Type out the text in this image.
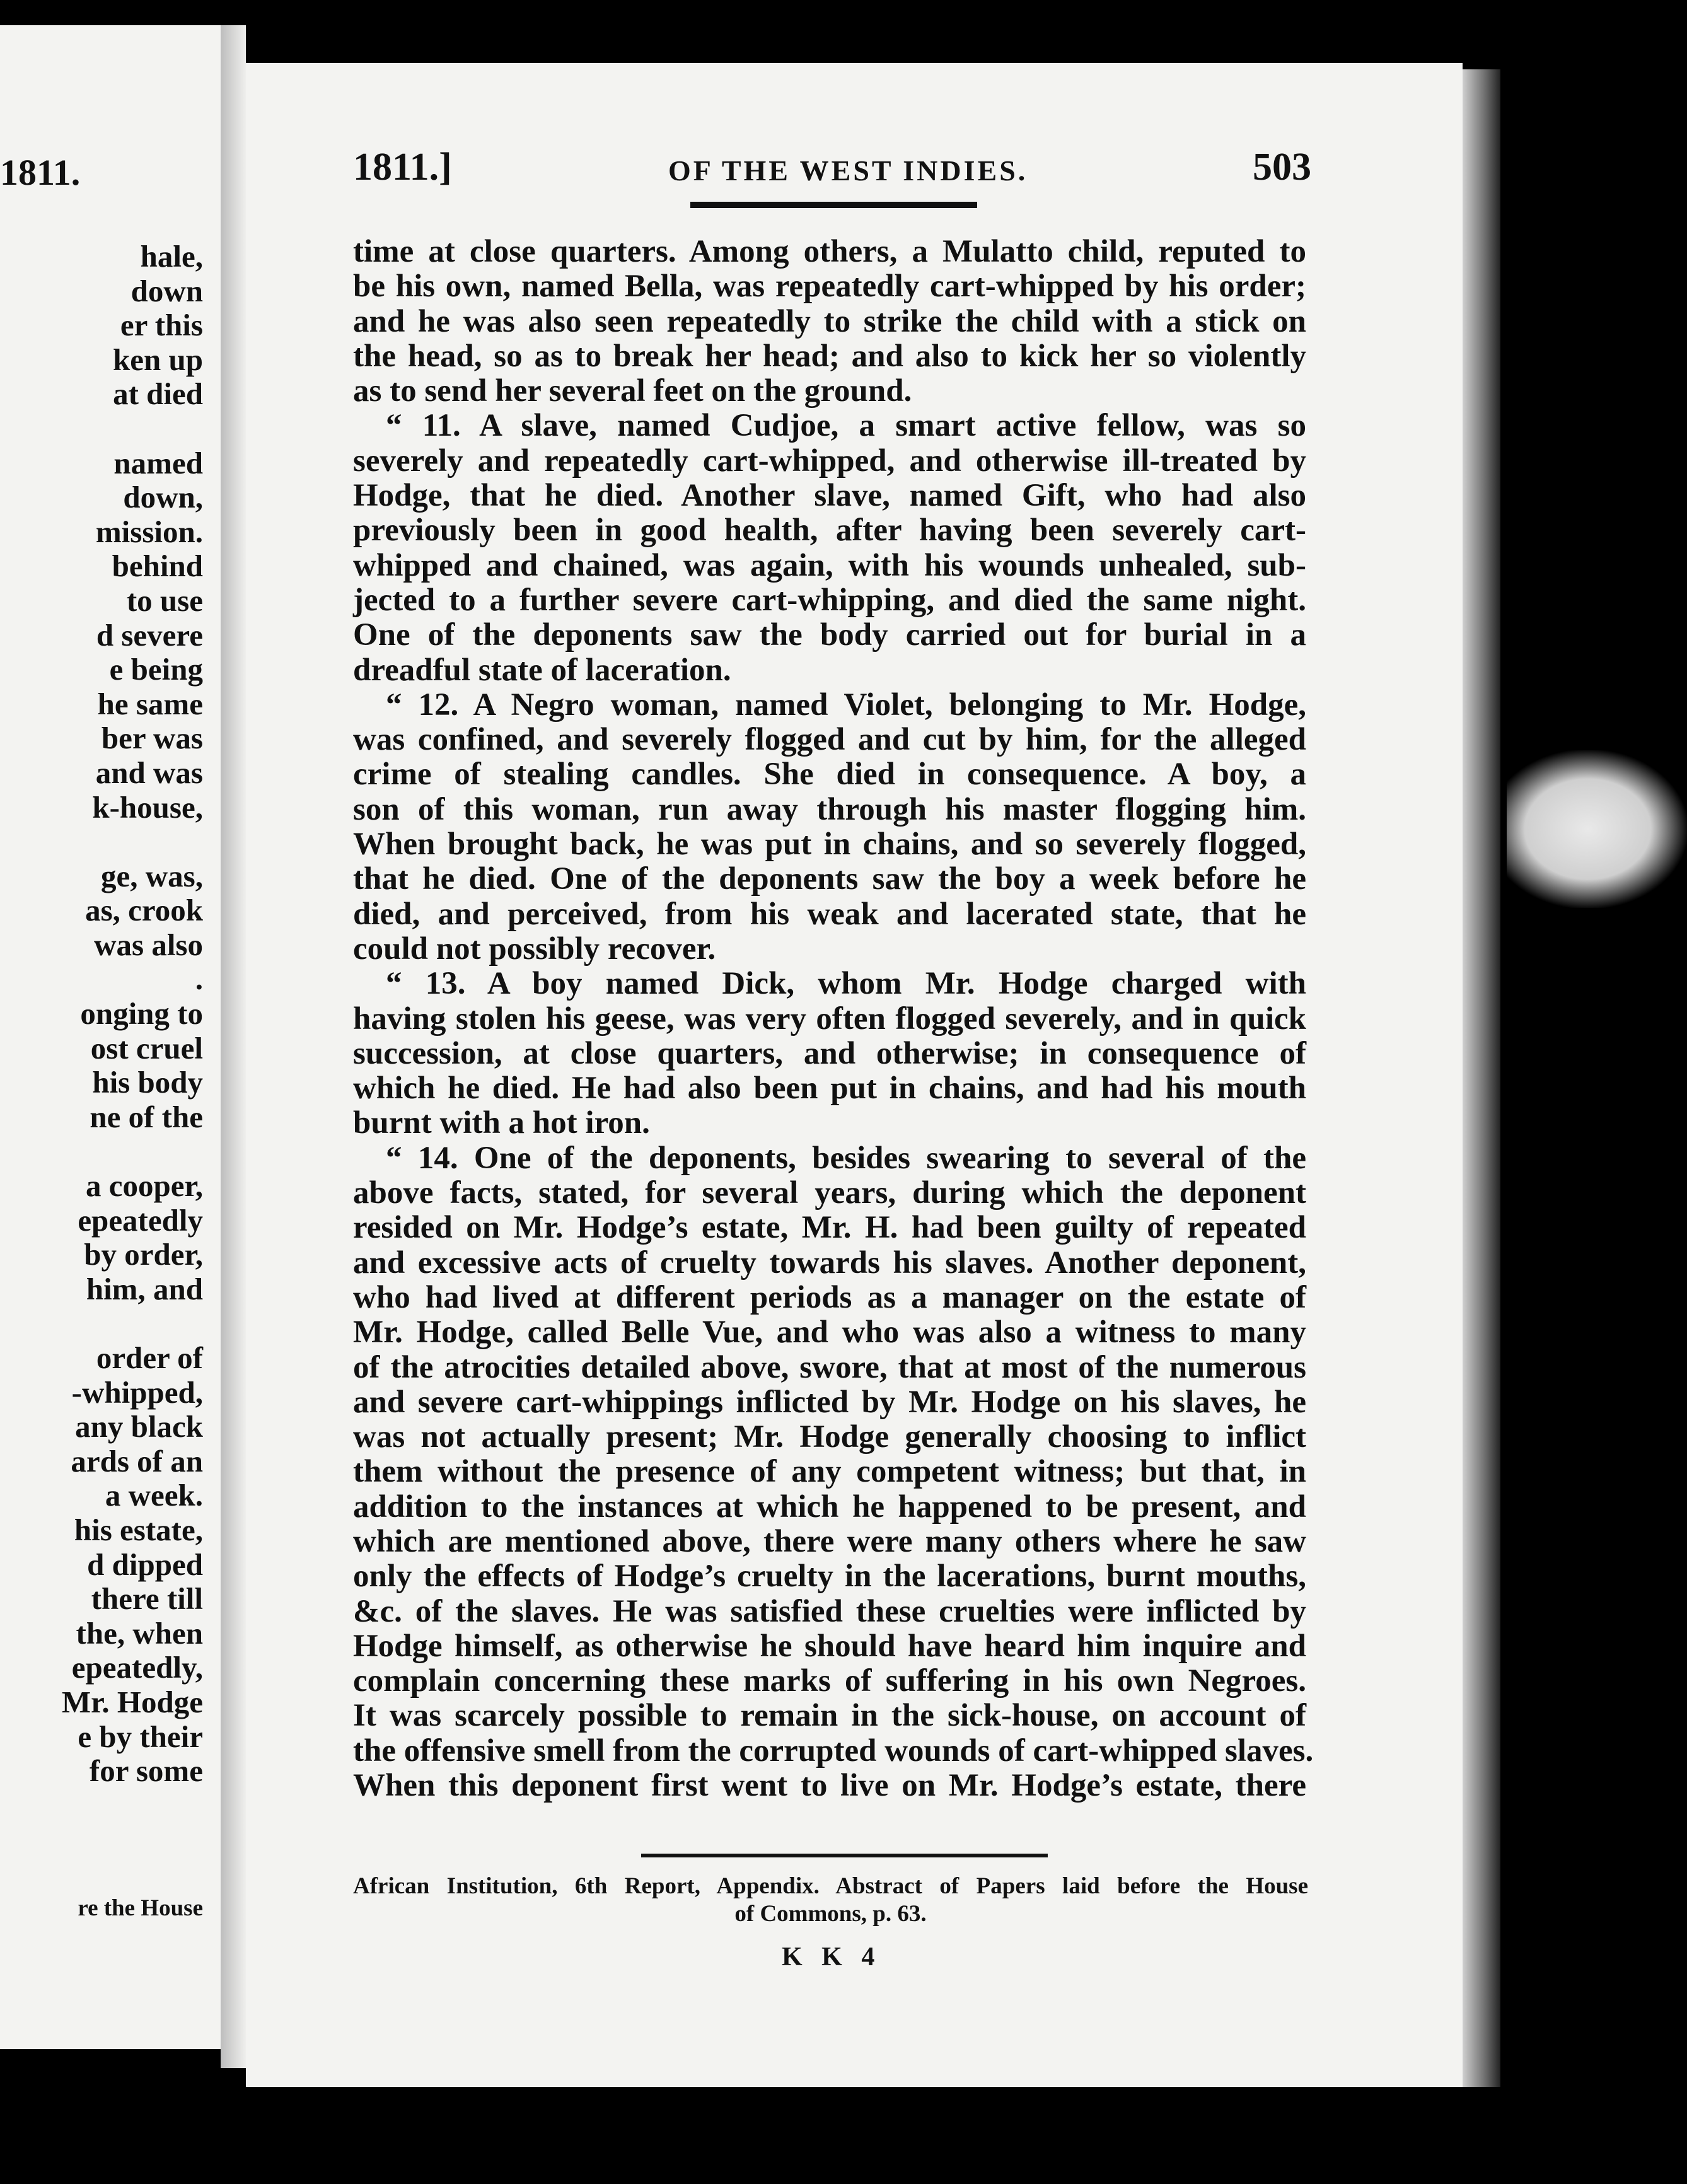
1811.
hale,
down
er this
ken up
at died
named
down,
mission.
behind
to use
d severe
e being
he same
ber was
and was
k-house,
ge, was,
as, crook
was also
.
onging to
ost cruel
his body
ne of the
a cooper,
epeatedly
by order,
him, and
order of
-whipped,
any black
ards of an
a week.
his estate,
d dipped
there till
the, when
epeatedly,
Mr. Hodge
e by their
for some
re the House
1811.]	OF THE WEST INDIES.	503
time at close quarters. Among others, a Mulatto child, reputed to
be his own, named Bella, was repeatedly cart-whipped by his order;
and he was also seen repeatedly to strike the child with a stick on
the head, so as to break her head; and also to kick her so violently
as to send her several feet on the ground.
“ 11. A slave, named Cudjoe, a smart active fellow, was so
severely and repeatedly cart-whipped, and otherwise ill-treated by
Hodge, that he died. Another slave, named Gift, who had also
previously been in good health, after having been severely cart-
whipped and chained, was again, with his wounds unhealed, sub-
jected to a further severe cart-whipping, and died the same night.
One of the deponents saw the body carried out for burial in a
dreadful state of laceration.
“ 12. A Negro woman, named Violet, belonging to Mr. Hodge,
was confined, and severely flogged and cut by him, for the alleged
crime of stealing candles. She died in consequence. A boy, a
son of this woman, run away through his master flogging him.
When brought back, he was put in chains, and so severely flogged,
that he died. One of the deponents saw the boy a week before he
died, and perceived, from his weak and lacerated state, that he
could not possibly recover.
“ 13. A boy named Dick, whom Mr. Hodge charged with
having stolen his geese, was very often flogged severely, and in quick
succession, at close quarters, and otherwise; in consequence of
which he died. He had also been put in chains, and had his mouth
burnt with a hot iron.
“ 14. One of the deponents, besides swearing to several of the
above facts, stated, for several years, during which the deponent
resided on Mr. Hodge’s estate, Mr. H. had been guilty of repeated
and excessive acts of cruelty towards his slaves. Another deponent,
who had lived at different periods as a manager on the estate of
Mr. Hodge, called Belle Vue, and who was also a witness to many
of the atrocities detailed above, swore, that at most of the numerous
and severe cart-whippings inflicted by Mr. Hodge on his slaves, he
was not actually present; Mr. Hodge generally choosing to inflict
them without the presence of any competent witness; but that, in
addition to the instances at which he happened to be present, and
which are mentioned above, there were many others where he saw
only the effects of Hodge’s cruelty in the lacerations, burnt mouths,
&c. of the slaves. He was satisfied these cruelties were inflicted by
Hodge himself, as otherwise he should have heard him inquire and
complain concerning these marks of suffering in his own Negroes.
It was scarcely possible to remain in the sick-house, on account of
the offensive smell from the corrupted wounds of cart-whipped slaves.
When this deponent first went to live on Mr. Hodge’s estate, there
African Institution, 6th Report, Appendix. Abstract of Papers laid before the House
of Commons, p. 63.
K K 4
